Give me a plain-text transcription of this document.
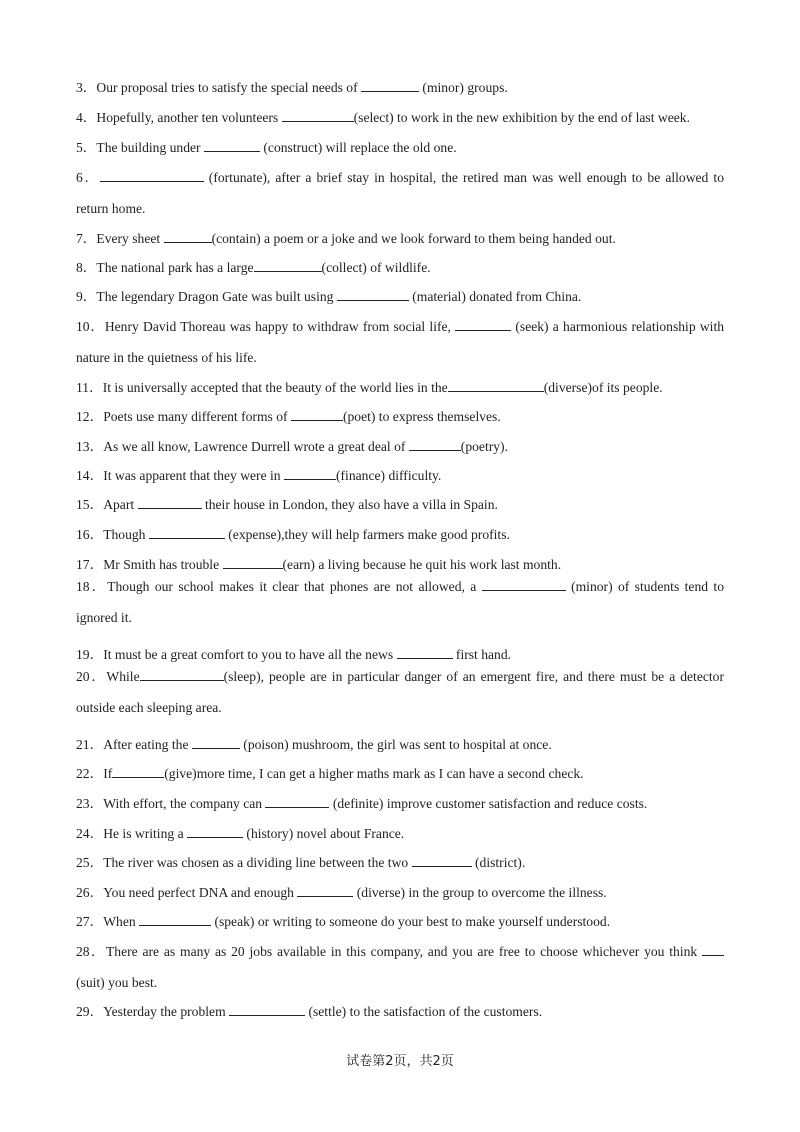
3．Our proposal tries to satisfy the special needs of	(minor) groups.
4．Hopefully, another ten volunteers	(select) to work in the new exhibition by the end of last week.
5．The building under	(construct) will replace the old one.
6．	(fortunate), after a brief stay in hospital, the retired man was well enough to be allowed to return home.
7．Every sheet	(contain) a poem or a joke and we look forward to them being handed out.
8．The national park has a large	(collect) of wildlife.
9．The legendary Dragon Gate was built using	(material) donated from China.
10．Henry David Thoreau was happy to withdraw from social life,	(seek) a harmonious relationship with nature in the quietness of his life.
11．It is universally accepted that the beauty of the world lies in the	(diverse)of its people.
12．Poets use many different forms of	(poet) to express themselves.
13．As we all know, Lawrence Durrell wrote a great deal of	(poetry).
14．It was apparent that they were in	(finance) difficulty.
15．Apart	their house in London, they also have a villa in Spain.
16．Though	(expense),they will help farmers make good profits.
17．Mr Smith has trouble	(earn) a living because he quit his work last month.
18．Though our school makes it clear that phones are not allowed, a	(minor) of students tend to ignored it.
19．It must be a great comfort to you to have all the news	first hand.
20．While	(sleep), people are in particular danger of an emergent fire, and there must be a detector outside each sleeping area.
21．After eating the	(poison) mushroom, the girl was sent to hospital at once.
22．If	(give)more time, I can get a higher maths mark as I can have a second check.
23．With effort, the company can	(definite) improve customer satisfaction and reduce costs.
24．He is writing a	(history) novel about France.
25．The river was chosen as a dividing line between the two	(district).
26．You need perfect DNA and enough	(diverse) in the group to overcome the illness.
27．When	(speak) or writing to someone do your best to make yourself understood.
28．There are as many as 20 jobs available in this company, and you are free to choose whichever you think  (suit) you best.
29．Yesterday the problem	(settle) to the satisfaction of the customers.
试卷第2页，共2页
